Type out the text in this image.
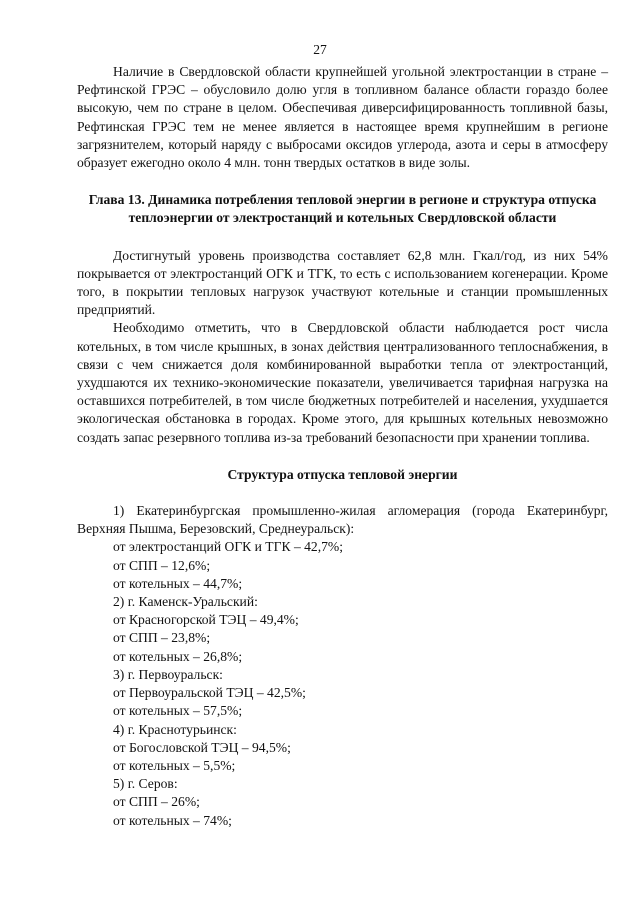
27

Наличие в Свердловской области крупнейшей угольной электростанции в стране – Рефтинской ГРЭС – обусловило долю угля в топливном балансе области гораздо более высокую, чем по стране в целом. Обеспечивая диверсифицированность топливной базы, Рефтинская ГРЭС тем не менее является в настоящее время крупнейшим в регионе загрязнителем, который наряду с выбросами оксидов углерода, азота и серы в атмосферу образует ежегодно около 4 млн. тонн твердых остатков в виде золы.

Глава 13. Динамика потребления тепловой энергии в регионе и структура отпуска теплоэнергии от электростанций и котельных Свердловской области

Достигнутый уровень производства составляет 62,8 млн. Гкал/год, из них 54% покрывается от электростанций ОГК и ТГК, то есть с использованием когенерации. Кроме того, в покрытии тепловых нагрузок участвуют котельные и станции промышленных предприятий.

Необходимо отметить, что в Свердловской области наблюдается рост числа котельных, в том числе крышных, в зонах действия централизованного теплоснабжения, в связи с чем снижается доля комбинированной выработки тепла от электростанций, ухудшаются их технико-экономические показатели, увеличивается тарифная нагрузка на оставшихся потребителей, в том числе бюджетных потребителей и населения, ухудшается экологическая обстановка в городах. Кроме этого, для крышных котельных невозможно создать запас резервного топлива из-за требований безопасности при хранении топлива.

Структура отпуска тепловой энергии

1) Екатеринбургская промышленно-жилая агломерация (города Екатеринбург, Верхняя Пышма, Березовский, Среднеуральск):

от электростанций ОГК и ТГК – 42,7%;
от СПП – 12,6%;
от котельных – 44,7%;
2) г. Каменск-Уральский:
от Красногорской ТЭЦ – 49,4%;
от СПП – 23,8%;
от котельных – 26,8%;
3) г. Первоуральск:
от Первоуральской ТЭЦ – 42,5%;
от котельных – 57,5%;
4) г. Краснотурьинск:
от Богословской ТЭЦ – 94,5%;
от котельных – 5,5%;
5) г. Серов:
от СПП – 26%;
от котельных – 74%;
